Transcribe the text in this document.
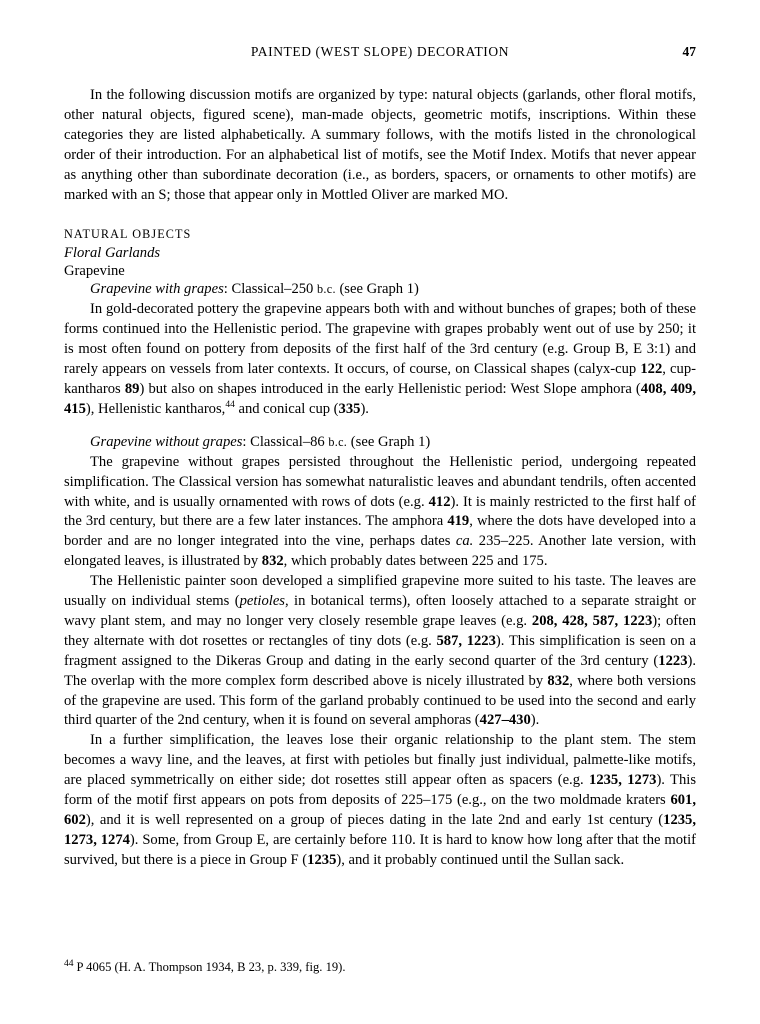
PAINTED (WEST SLOPE) DECORATION	47

In the following discussion motifs are organized by type: natural objects (garlands, other floral motifs, other natural objects, figured scene), man-made objects, geometric motifs, inscriptions. Within these categories they are listed alphabetically. A summary follows, with the motifs listed in the chronological order of their introduction. For an alphabetical list of motifs, see the Motif Index. Motifs that never appear as anything other than subordinate decoration (i.e., as borders, spacers, or ornaments to other motifs) are marked with an S; those that appear only in Mottled Oliver are marked MO.

NATURAL OBJECTS
Floral Garlands
Grapevine

Grapevine with grapes: Classical–250 b.c. (see Graph 1)

In gold-decorated pottery the grapevine appears both with and without bunches of grapes; both of these forms continued into the Hellenistic period. The grapevine with grapes probably went out of use by 250; it is most often found on pottery from deposits of the first half of the 3rd century (e.g. Group B, E 3:1) and rarely appears on vessels from later contexts. It occurs, of course, on Classical shapes (calyx-cup 122, cup-kantharos 89) but also on shapes introduced in the early Hellenistic period: West Slope amphora (408, 409, 415), Hellenistic kantharos,$^{44}$ and conical cup (335).

Grapevine without grapes: Classical–86 b.c. (see Graph 1)

The grapevine without grapes persisted throughout the Hellenistic period, undergoing repeated simplification. The Classical version has somewhat naturalistic leaves and abundant tendrils, often accented with white, and is usually ornamented with rows of dots (e.g. 412). It is mainly restricted to the first half of the 3rd century, but there are a few later instances. The amphora 419, where the dots have developed into a border and are no longer integrated into the vine, perhaps dates ca. 235–225. Another late version, with elongated leaves, is illustrated by 832, which probably dates between 225 and 175.

The Hellenistic painter soon developed a simplified grapevine more suited to his taste. The leaves are usually on individual stems (petioles, in botanical terms), often loosely attached to a separate straight or wavy plant stem, and may no longer very closely resemble grape leaves (e.g. 208, 428, 587, 1223); often they alternate with dot rosettes or rectangles of tiny dots (e.g. 587, 1223). This simplification is seen on a fragment assigned to the Dikeras Group and dating in the early second quarter of the 3rd century (1223). The overlap with the more complex form described above is nicely illustrated by 832, where both versions of the grapevine are used. This form of the garland probably continued to be used into the second and early third quarter of the 2nd century, when it is found on several amphoras (427–430).

In a further simplification, the leaves lose their organic relationship to the plant stem. The stem becomes a wavy line, and the leaves, at first with petioles but finally just individual, palmette-like motifs, are placed symmetrically on either side; dot rosettes still appear often as spacers (e.g. 1235, 1273). This form of the motif first appears on pots from deposits of 225–175 (e.g., on the two moldmade kraters 601, 602), and it is well represented on a group of pieces dating in the late 2nd and early 1st century (1235, 1273, 1274). Some, from Group E, are certainly before 110. It is hard to know how long after that the motif survived, but there is a piece in Group F (1235), and it probably continued until the Sullan sack.

$^{44}$ P 4065 (H. A. Thompson 1934, B 23, p. 339, fig. 19).
